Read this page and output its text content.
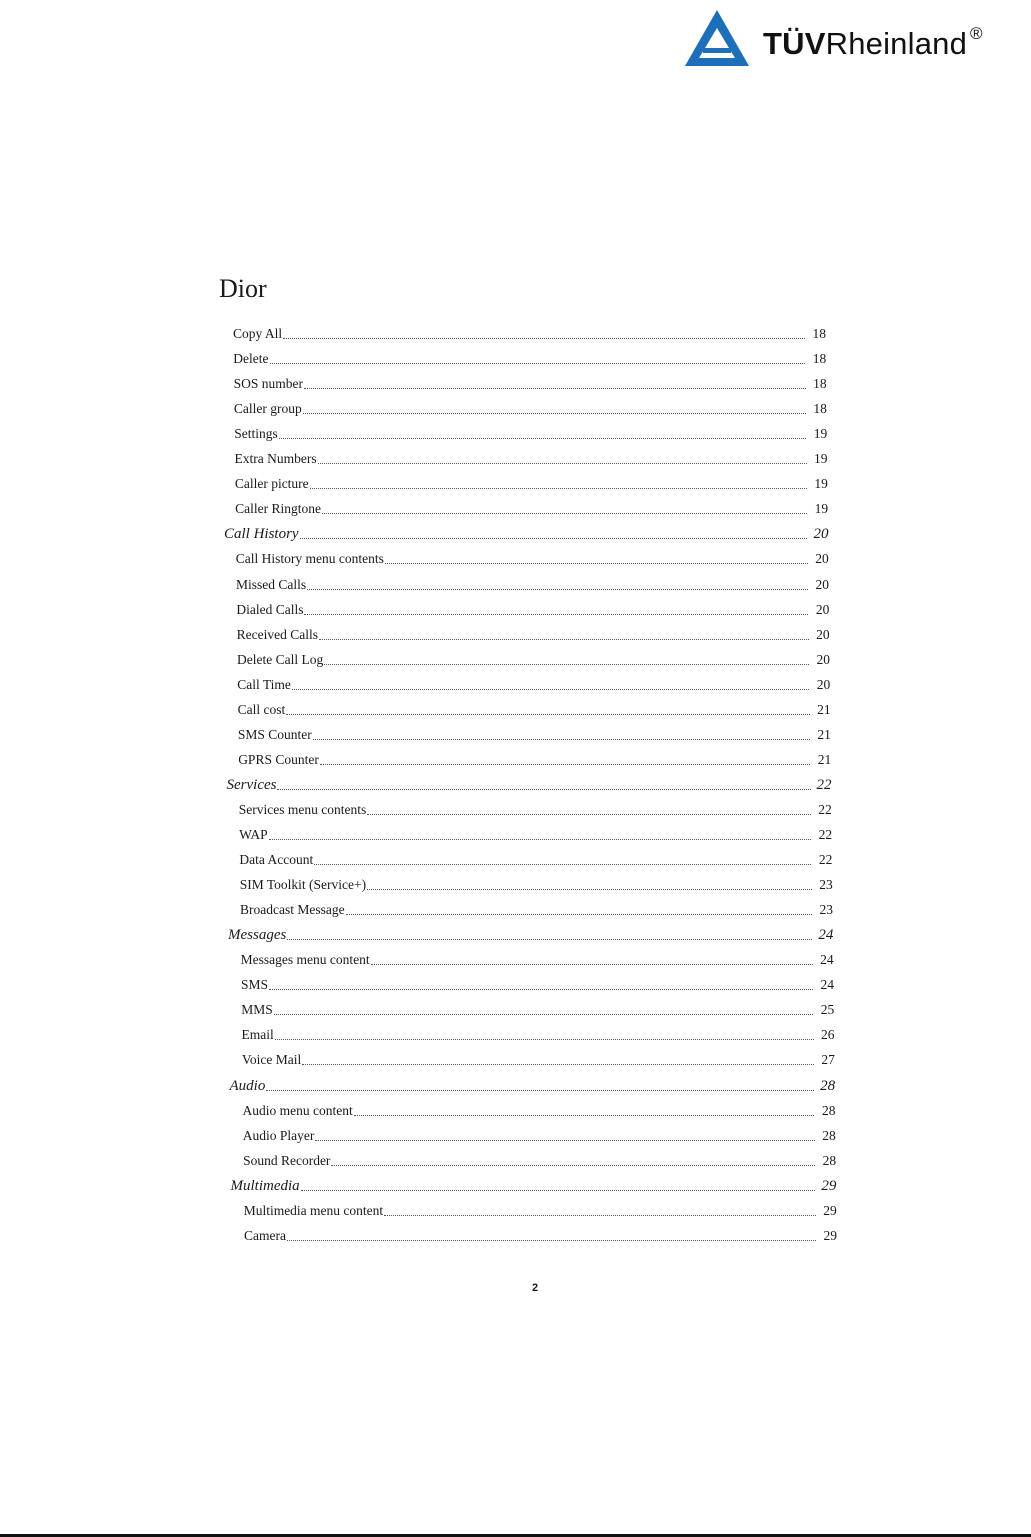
TÜVRheinland ®
Dior
Copy All	18
Delete	18
SOS number	18
Caller group	18
Settings	19
Extra Numbers	19
Caller picture	19
Caller Ringtone	19
Call History	20
Call History menu contents	20
Missed Calls	20
Dialed Calls	20
Received Calls	20
Delete Call Log	20
Call Time	20
Call cost	21
SMS Counter	21
GPRS Counter	21
Services	22
Services menu contents	22
WAP	22
Data Account	22
SIM Toolkit (Service+)	23
Broadcast Message	23
Messages	24
Messages menu content	24
SMS	24
MMS	25
Email	26
Voice Mail	27
Audio	28
Audio menu content	28
Audio Player	28
Sound Recorder	28
Multimedia	29
Multimedia menu content	29
Camera	29
2
